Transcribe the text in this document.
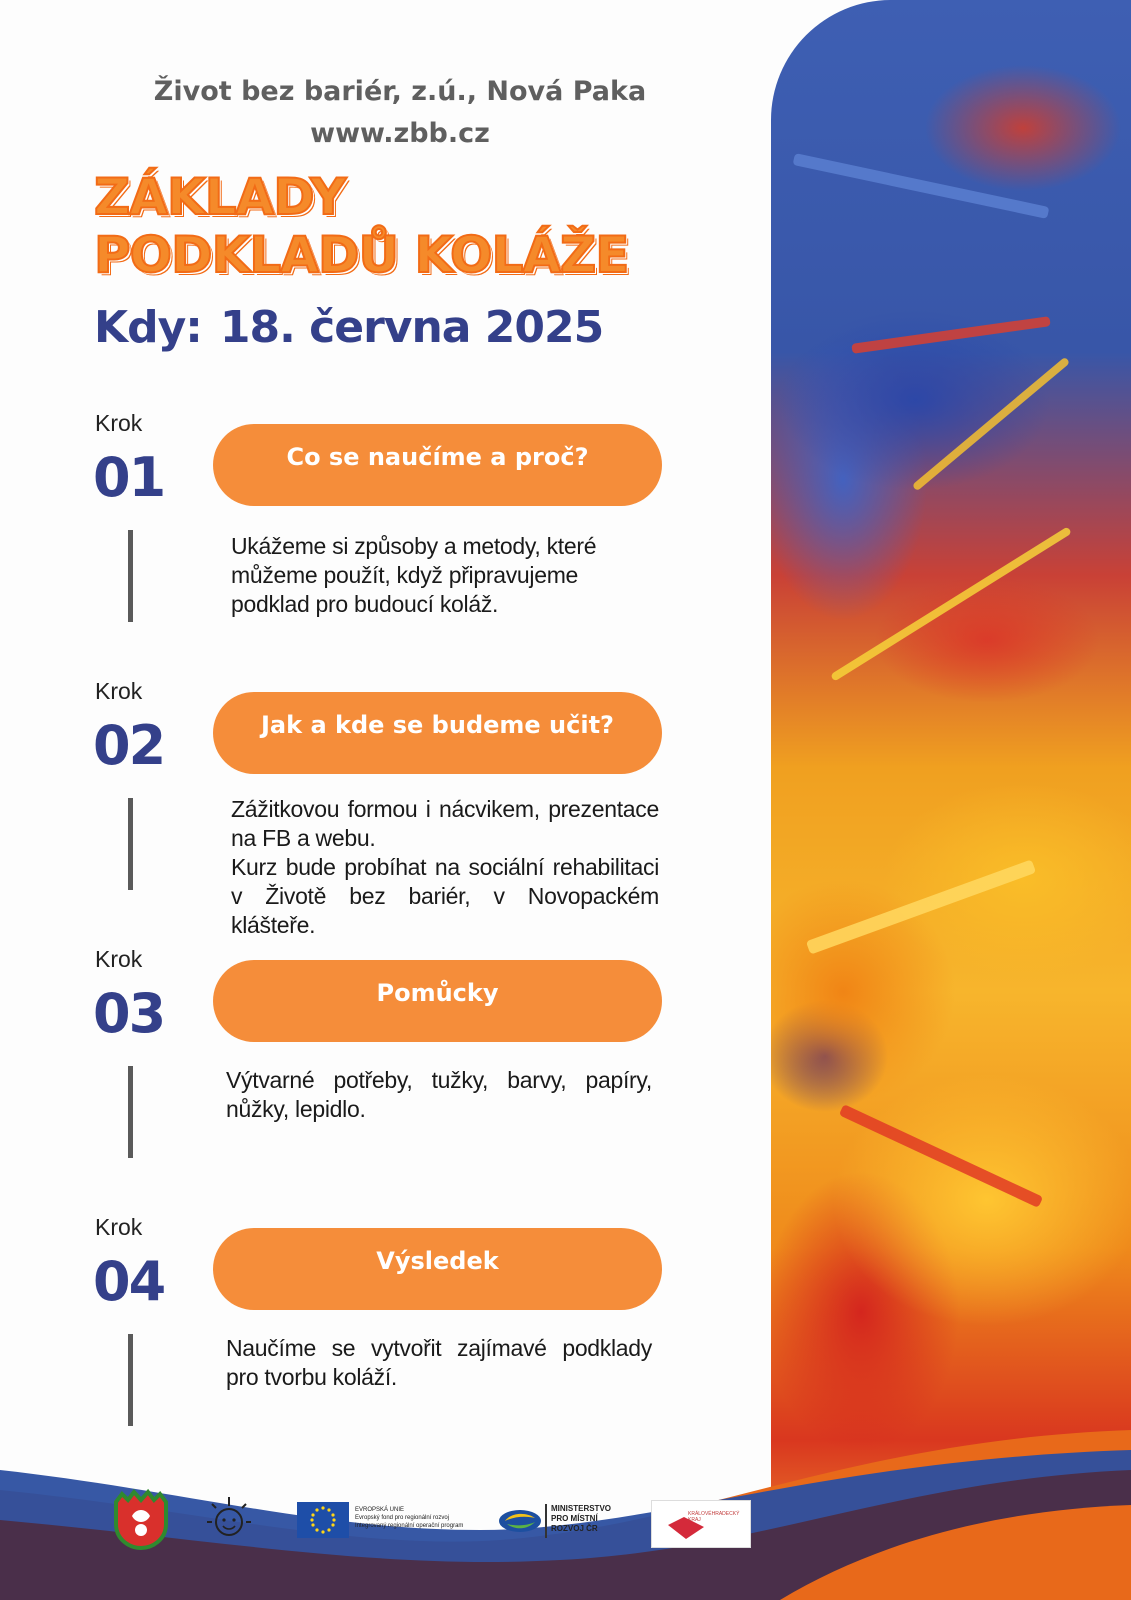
Život bez bariér, z.ú., Nová Paka
www.zbb.cz
ZÁKLADY
PODKLADŮ KOLÁŽE
Kdy: 18. června 2025
Krok
01	Co se naučíme a proč?

Ukážeme si způsoby a metody, které můžeme použít, když připravujeme podklad pro budoucí koláž.

Krok
02	Jak a kde se budeme učit?

Zážitkovou formou i nácvikem, prezentace na FB a webu.

Kurz bude probíhat na sociální rehabilitaci v Životě bez bariér, v Novopackém klášteře.

Krok
03	Pomůcky

Výtvarné potřeby, tužky, barvy, papíry, nůžky, lepidlo.

Krok
04	Výsledek

Naučíme se vytvořit zajímavé podklady pro tvorbu koláží.

EVROPSKÁ UNIE
Evropský fond pro regionální rozvoj
Integrovaný regionální operační program
MINISTERSTVO
PRO MÍSTNÍ
ROZVOJ ČR
KRÁLOVÉHRADECKÝ KRAJ
